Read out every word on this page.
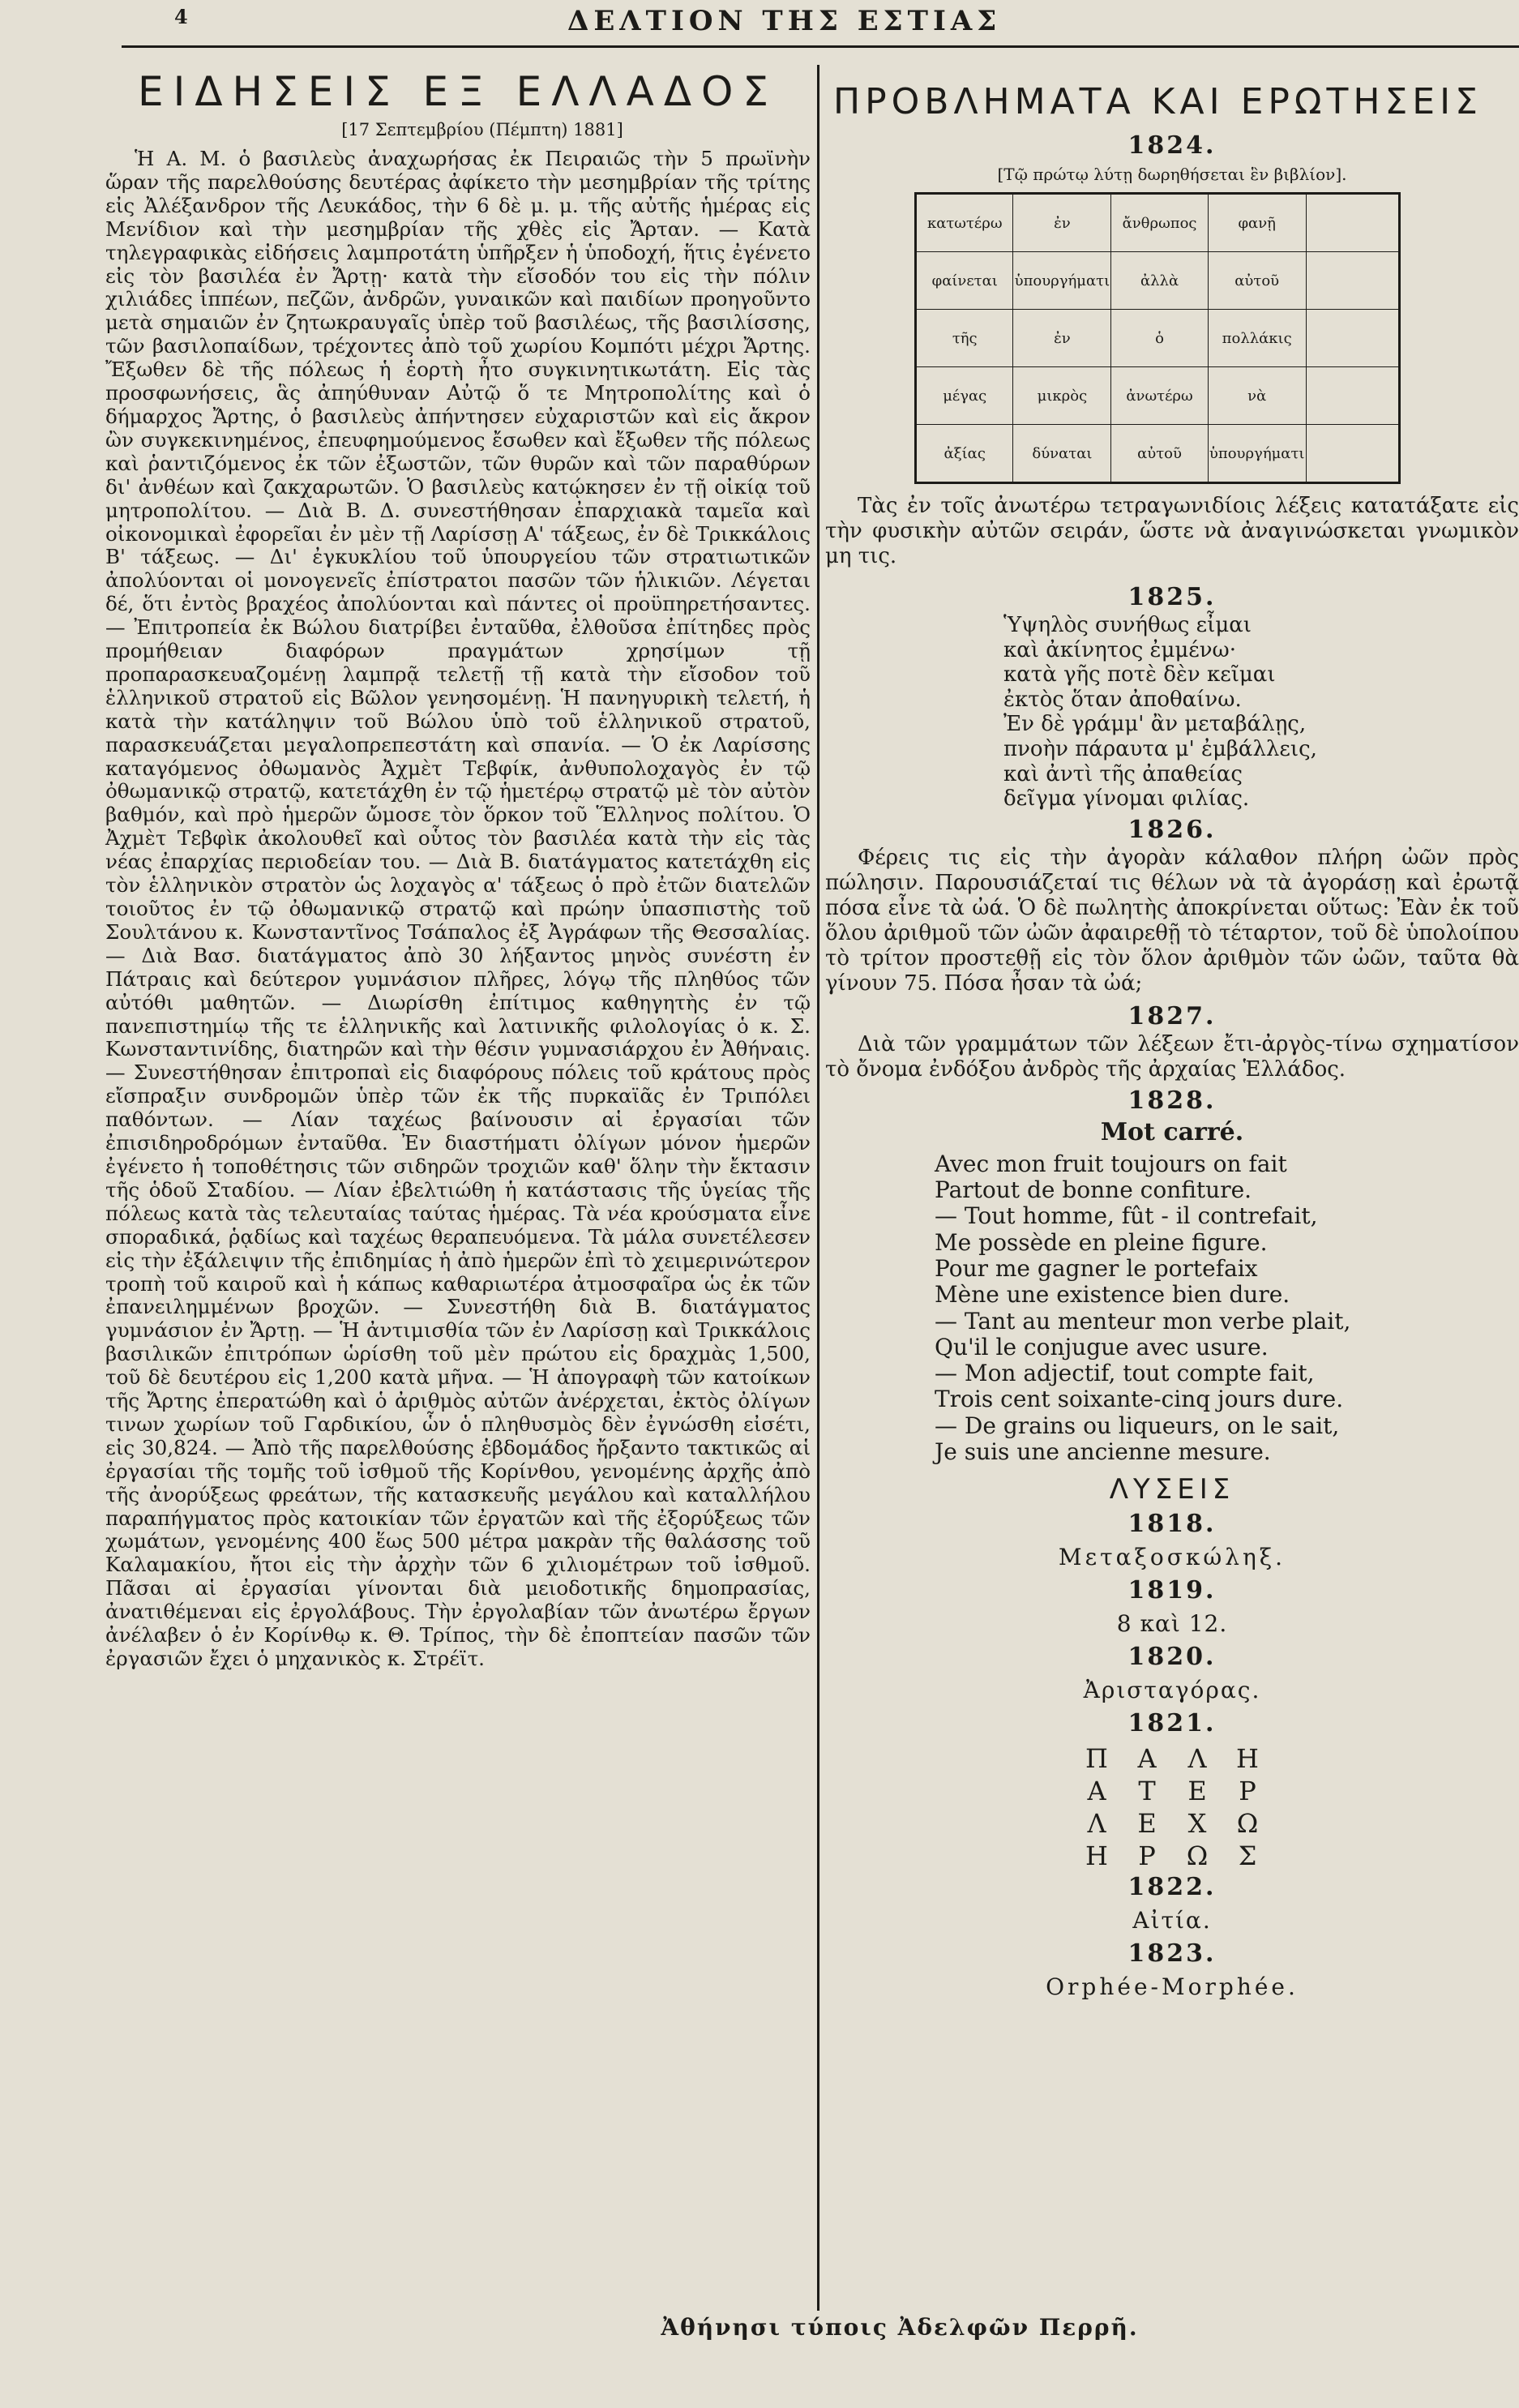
4	ΔΕΛΤΙΟΝ ΤΗΣ ΕΣΤΙΑΣ
ΕΙΔΗΣΕΙΣ ΕΞ ΕΛΛΑΔΟΣ
[17 Σεπτεμβρίου (Πέμπτη) 1881]

Ἡ Α. Μ. ὁ βασιλεὺς ἀναχωρήσας ἐκ Πειραιῶς τὴν 5 πρωϊνὴν ὥραν τῆς παρελθούσης δευτέρας ἀφίκετο τὴν μεσημβρίαν τῆς τρίτης εἰς Ἀλέξανδρον τῆς Λευκάδος, τὴν 6 δὲ μ. μ. τῆς αὐτῆς ἡμέρας εἰς Μενίδιον καὶ τὴν μεσημβρίαν τῆς χθὲς εἰς Ἄρταν. — Κατὰ τηλεγραφικὰς εἰδήσεις λαμπροτάτη ὑπῆρξεν ἡ ὑποδοχή, ἥτις ἐγένετο εἰς τὸν βασιλέα ἐν Ἄρτῃ· κατὰ τὴν εἴσοδόν του εἰς τὴν πόλιν χιλιάδες ἱππέων, πεζῶν, ἀνδρῶν, γυναικῶν καὶ παιδίων προηγοῦντο μετὰ σημαιῶν ἐν ζητωκραυγαῖς ὑπὲρ τοῦ βασιλέως, τῆς βασιλίσσης, τῶν βασιλοπαίδων, τρέχοντες ἀπὸ τοῦ χωρίου Κομπότι μέχρι Ἄρτης. Ἔξωθεν δὲ τῆς πόλεως ἡ ἑορτὴ ἦτο συγκινητικωτάτη. Εἰς τὰς προσφωνήσεις, ἃς ἀπηύθυναν Αὐτῷ ὅ τε Μητροπολίτης καὶ ὁ δήμαρχος Ἄρτης, ὁ βασιλεὺς ἀπήντησεν εὐχαριστῶν καὶ εἰς ἄκρον ὢν συγκεκινημένος, ἐπευφημούμενος ἔσωθεν καὶ ἔξωθεν τῆς πόλεως καὶ ῥαντιζόμενος ἐκ τῶν ἐξωστῶν, τῶν θυρῶν καὶ τῶν παραθύρων δι' ἀνθέων καὶ ζακχαρωτῶν. Ὁ βασιλεὺς κατῴκησεν ἐν τῇ οἰκίᾳ τοῦ μητροπολίτου. — Διὰ Β. Δ. συνεστήθησαν ἐπαρχιακὰ ταμεῖα καὶ οἰκονομικαὶ ἐφορεῖαι ἐν μὲν τῇ Λαρίσσῃ Α' τάξεως, ἐν δὲ Τρικκάλοις Β' τάξεως. — Δι' ἐγκυκλίου τοῦ ὑπουργείου τῶν στρατιωτικῶν ἀπολύονται οἱ μονογενεῖς ἐπίστρατοι πασῶν τῶν ἡλικιῶν. Λέγεται δέ, ὅτι ἐντὸς βραχέος ἀπολύονται καὶ πάντες οἱ προϋπηρετήσαντες. — Ἐπιτροπεία ἐκ Βώλου διατρίβει ἐνταῦθα, ἐλθοῦσα ἐπίτηδες πρὸς προμήθειαν διαφόρων πραγμάτων χρησίμων τῇ προπαρασκευαζομένῃ λαμπρᾷ τελετῇ τῇ κατὰ τὴν εἴσοδον τοῦ ἑλληνικοῦ στρατοῦ εἰς Βῶλον γενησομένῃ. Ἡ πανηγυρικὴ τελετή, ἡ κατὰ τὴν κατάληψιν τοῦ Βώλου ὑπὸ τοῦ ἑλληνικοῦ στρατοῦ, παρασκευάζεται μεγαλοπρεπεστάτη καὶ σπανία. — Ὁ ἐκ Λαρίσσης καταγόμενος ὀθωμανὸς Ἀχμὲτ Τεβφίκ, ἀνθυπολοχαγὸς ἐν τῷ ὀθωμανικῷ στρατῷ, κατετάχθη ἐν τῷ ἡμετέρῳ στρατῷ μὲ τὸν αὐτὸν βαθμόν, καὶ πρὸ ἡμερῶν ὤμοσε τὸν ὅρκον τοῦ Ἕλληνος πολίτου. Ὁ Ἀχμὲτ Τεβφὶκ ἀκολουθεῖ καὶ οὗτος τὸν βασιλέα κατὰ τὴν εἰς τὰς νέας ἐπαρχίας περιοδείαν του. — Διὰ Β. διατάγματος κατετάχθη εἰς τὸν ἑλληνικὸν στρατὸν ὡς λοχαγὸς α' τάξεως ὁ πρὸ ἐτῶν διατελῶν τοιοῦτος ἐν τῷ ὀθωμανικῷ στρατῷ καὶ πρώην ὑπασπιστὴς τοῦ Σουλτάνου κ. Κωνσταντῖνος Τσάπαλος ἐξ Ἀγράφων τῆς Θεσσαλίας. — Διὰ Βασ. διατάγματος ἀπὸ 30 λήξαντος μηνὸς συνέστη ἐν Πάτραις καὶ δεύτερον γυμνάσιον πλῆρες, λόγῳ τῆς πληθύος τῶν αὐτόθι μαθητῶν. — Διωρίσθη ἐπίτιμος καθηγητὴς ἐν τῷ πανεπιστημίῳ τῆς τε ἑλληνικῆς καὶ λατινικῆς φιλολογίας ὁ κ. Σ. Κωνσταντινίδης, διατηρῶν καὶ τὴν θέσιν γυμνασιάρχου ἐν Ἀθήναις. — Συνεστήθησαν ἐπιτροπαὶ εἰς διαφόρους πόλεις τοῦ κράτους πρὸς εἴσπραξιν συνδρομῶν ὑπὲρ τῶν ἐκ τῆς πυρκαϊᾶς ἐν Τριπόλει παθόντων. — Λίαν ταχέως βαίνουσιν αἱ ἐργασίαι τῶν ἐπισιδηροδρόμων ἐνταῦθα. Ἐν διαστήματι ὀλίγων μόνον ἡμερῶν ἐγένετο ἡ τοποθέτησις τῶν σιδηρῶν τροχιῶν καθ' ὅλην τὴν ἔκτασιν τῆς ὁδοῦ Σταδίου. — Λίαν ἐβελτιώθη ἡ κατάστασις τῆς ὑγείας τῆς πόλεως κατὰ τὰς τελευταίας ταύτας ἡμέρας. Τὰ νέα κρούσματα εἶνε σποραδικά, ῥᾳδίως καὶ ταχέως θεραπευόμενα. Τὰ μάλα συνετέλεσεν εἰς τὴν ἐξάλειψιν τῆς ἐπιδημίας ἡ ἀπὸ ἡμερῶν ἐπὶ τὸ χειμερινώτερον τροπὴ τοῦ καιροῦ καὶ ἡ κάπως καθαριωτέρα ἀτμοσφαῖρα ὡς ἐκ τῶν ἐπανειλημμένων βροχῶν. — Συνεστήθη διὰ Β. διατάγματος γυμνάσιον ἐν Ἄρτῃ. — Ἡ ἀντιμισθία τῶν ἐν Λαρίσσῃ καὶ Τρικκάλοις βασιλικῶν ἐπιτρόπων ὡρίσθη τοῦ μὲν πρώτου εἰς δραχμὰς 1,500, τοῦ δὲ δευτέρου εἰς 1,200 κατὰ μῆνα. — Ἡ ἀπογραφὴ τῶν κατοίκων τῆς Ἄρτης ἐπερατώθη καὶ ὁ ἀριθμὸς αὐτῶν ἀνέρχεται, ἐκτὸς ὀλίγων τινων χωρίων τοῦ Γαρδικίου, ὧν ὁ πληθυσμὸς δὲν ἐγνώσθη εἰσέτι, εἰς 30,824. — Ἀπὸ τῆς παρελθούσης ἑβδομάδος ἤρξαντο τακτικῶς αἱ ἐργασίαι τῆς τομῆς τοῦ ἰσθμοῦ τῆς Κορίνθου, γενομένης ἀρχῆς ἀπὸ τῆς ἀνορύξεως φρεάτων, τῆς κατασκευῆς μεγάλου καὶ καταλλήλου παραπήγματος πρὸς κατοικίαν τῶν ἐργατῶν καὶ τῆς ἐξορύξεως τῶν χωμάτων, γενομένης 400 ἕως 500 μέτρα μακρὰν τῆς θαλάσσης τοῦ Καλαμακίου, ἤτοι εἰς τὴν ἀρχὴν τῶν 6 χιλιομέτρων τοῦ ἰσθμοῦ. Πᾶσαι αἱ ἐργασίαι γίνονται διὰ μειοδοτικῆς δημοπρασίας, ἀνατιθέμεναι εἰς ἐργολάβους. Τὴν ἐργολαβίαν τῶν ἀνωτέρω ἔργων ἀνέλαβεν ὁ ἐν Κορίνθῳ κ. Θ. Τρίπος, τὴν δὲ ἐποπτείαν πασῶν τῶν ἐργασιῶν ἔχει ὁ μηχανικὸς κ. Στρέϊτ.

ΠΡΟΒΛΗΜΑΤΑ ΚΑΙ ΕΡΩΤΗΣΕΙΣ
1824.
[Τῷ πρώτῳ λύτῃ δωρηθήσεται ἓν βιβλίον].
κατωτέρω	ἐν	ἄνθρωπος	φανῇ	
φαίνεται	ὑπουργήματι	ἀλλὰ	αὐτοῦ	
τῆς	ἐν	ὁ	πολλάκις	
μέγας	μικρὸς	ἀνωτέρω	νὰ	
ἀξίας	δύναται	αὐτοῦ	ὑπουργήματι	

Τὰς ἐν τοῖς ἀνωτέρω τετραγωνιδίοις λέξεις κατατάξατε εἰς τὴν φυσικὴν αὐτῶν σειράν, ὥστε νὰ ἀναγινώσκεται γνωμικὸν μη τις.

1825.
Ὑψηλὸς συνήθως εἶμαι
καὶ ἀκίνητος ἐμμένω·
κατὰ γῆς ποτὲ δὲν κεῖμαι
ἐκτὸς ὅταν ἀποθαίνω.
Ἐν δὲ γράμμ' ἂν μεταβάλῃς,
πνοὴν πάραυτα μ' ἐμβάλλεις,
καὶ ἀντὶ τῆς ἀπαθείας
δεῖγμα γίνομαι φιλίας.
1826.

Φέρεις τις εἰς τὴν ἀγορὰν κάλαθον πλήρη ὠῶν πρὸς πώλησιν. Παρουσιάζεταί τις θέλων νὰ τὰ ἀγοράσῃ καὶ ἐρωτᾷ πόσα εἶνε τὰ ὠά. Ὁ δὲ πωλητὴς ἀποκρίνεται οὕτως: Ἐὰν ἐκ τοῦ ὅλου ἀριθμοῦ τῶν ὠῶν ἀφαιρεθῇ τὸ τέταρτον, τοῦ δὲ ὑπολοίπου τὸ τρίτον προστεθῇ εἰς τὸν ὅλον ἀριθμὸν τῶν ὠῶν, ταῦτα θὰ γίνουν 75. Πόσα ἦσαν τὰ ὠά;

1827.

Διὰ τῶν γραμμάτων τῶν λέξεων ἔτι-ἀργὸς-τίνω σχηματίσον τὸ ὄνομα ἐνδόξου ἀνδρὸς τῆς ἀρχαίας Ἑλλάδος.

1828.
Mot carré.
Avec mon fruit toujours on fait
Partout de bonne confiture.
— Tout homme, fût - il contrefait,
Me possède en pleine figure.
Pour me gagner le portefaix
Mène une existence bien dure.
— Tant au menteur mon verbe plait,
Qu'il le conjugue avec usure.
— Mon adjectif, tout compte fait,
Trois cent soixante-cinq jours dure.
— De grains ou liqueurs, on le sait,
Je suis une ancienne mesure.
ΛΥΣΕΙΣ
1818.
Μεταξοσκώληξ.
1819.
8 καὶ 12.
1820.
Ἀρισταγόρας.
1821.
Π	Α	Λ	Η
Α	Τ	Ε	Ρ
Λ	Ε	Χ	Ω
Η	Ρ	Ω	Σ
1822.
Αἰτία.
1823.
Orphée-Morphée.
Ἀθήνησι τύποις Ἀδελφῶν Περρῆ.
